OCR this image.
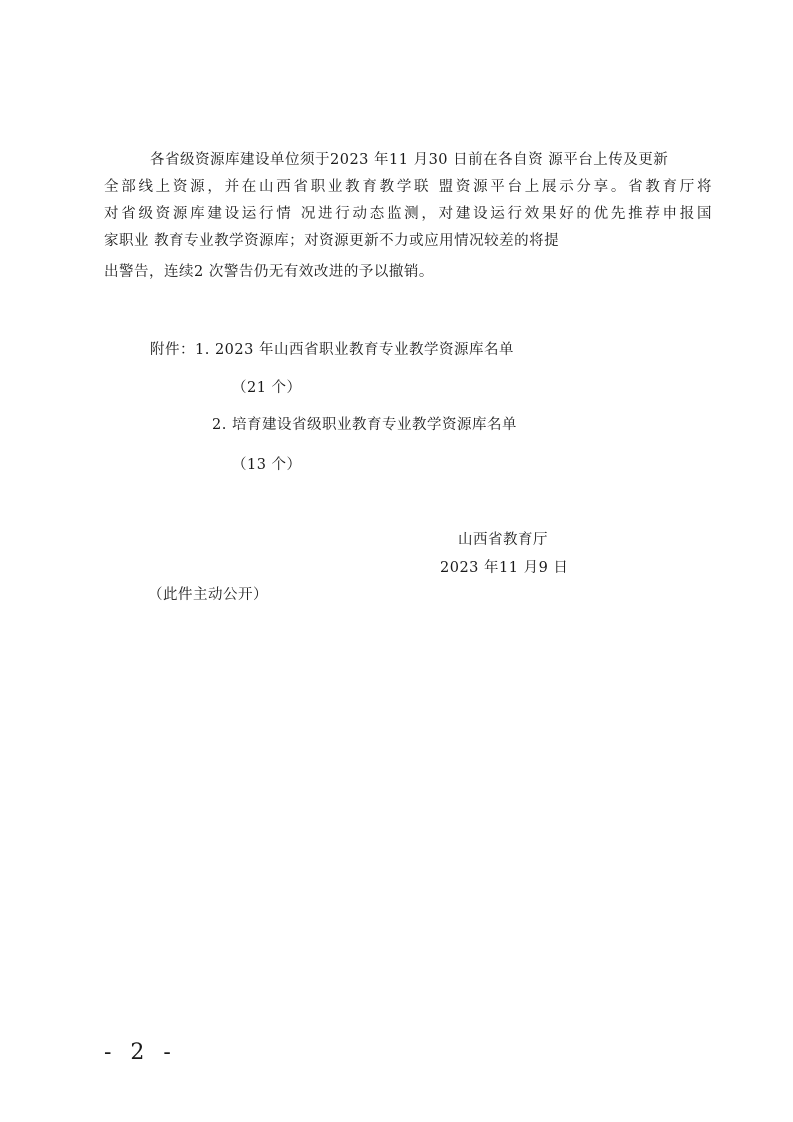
各省级资源库建设单位须于2023 年11 月30 日前在各自资 源平台上传及更新
全部线上资源，并在山西省职业教育教学联 盟资源平台上展示分享。省教育厅将
对省级资源库建设运行情 况进行动态监测，对建设运行效果好的优先推荐申报国
家职业 教育专业教学资源库；对资源更新不力或应用情况较差的将提
出警告，连续2 次警告仍无有效改进的予以撤销。
附件：1. 2023 年山西省职业教育专业教学资源库名单
（21 个）
2. 培育建设省级职业教育专业教学资源库名单
（13 个）
山西省教育厅
2023 年11 月9 日
（此件主动公开）
- 2 -
